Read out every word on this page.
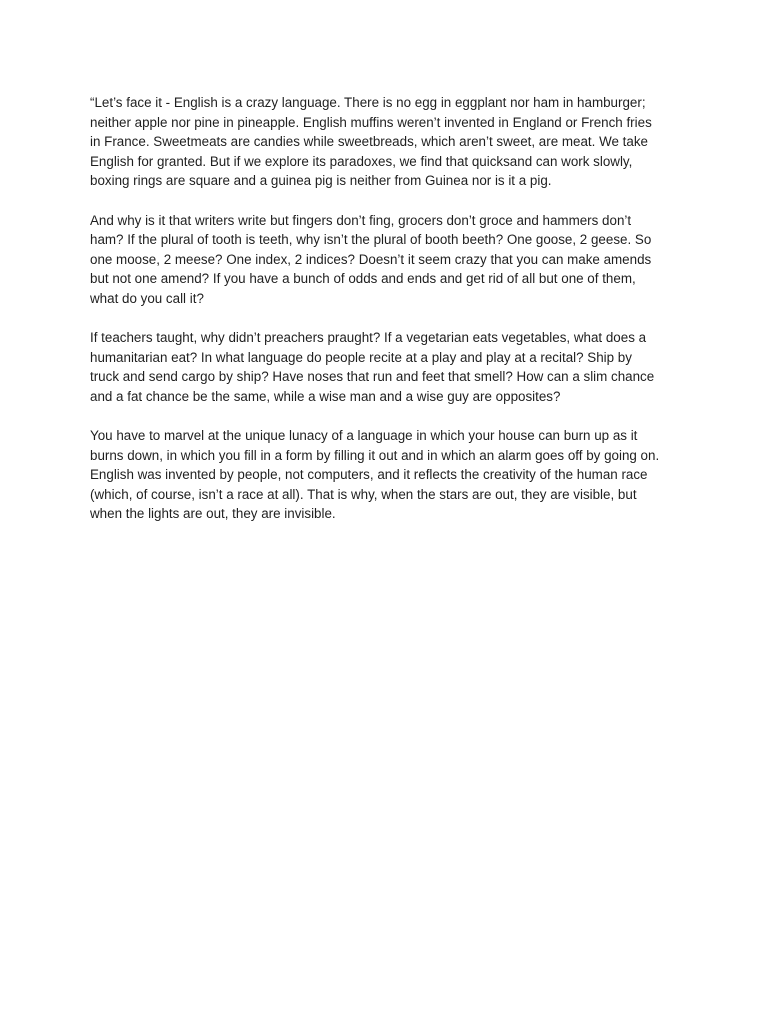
“Let’s face it - English is a crazy language. There is no egg in eggplant nor ham in hamburger;
neither apple nor pine in pineapple. English muffins weren’t invented in England or French fries
in France. Sweetmeats are candies while sweetbreads, which aren’t sweet, are meat. We take
English for granted. But if we explore its paradoxes, we find that quicksand can work slowly,
boxing rings are square and a guinea pig is neither from Guinea nor is it a pig.

And why is it that writers write but fingers don’t fing, grocers don’t groce and hammers don’t
ham? If the plural of tooth is teeth, why isn’t the plural of booth beeth? One goose, 2 geese. So
one moose, 2 meese? One index, 2 indices? Doesn’t it seem crazy that you can make amends
but not one amend? If you have a bunch of odds and ends and get rid of all but one of them,
what do you call it?

If teachers taught, why didn’t preachers praught? If a vegetarian eats vegetables, what does a
humanitarian eat? In what language do people recite at a play and play at a recital? Ship by
truck and send cargo by ship? Have noses that run and feet that smell? How can a slim chance
and a fat chance be the same, while a wise man and a wise guy are opposites?

You have to marvel at the unique lunacy of a language in which your house can burn up as it
burns down, in which you fill in a form by filling it out and in which an alarm goes off by going on.
English was invented by people, not computers, and it reflects the creativity of the human race
(which, of course, isn’t a race at all). That is why, when the stars are out, they are visible, but
when the lights are out, they are invisible.
